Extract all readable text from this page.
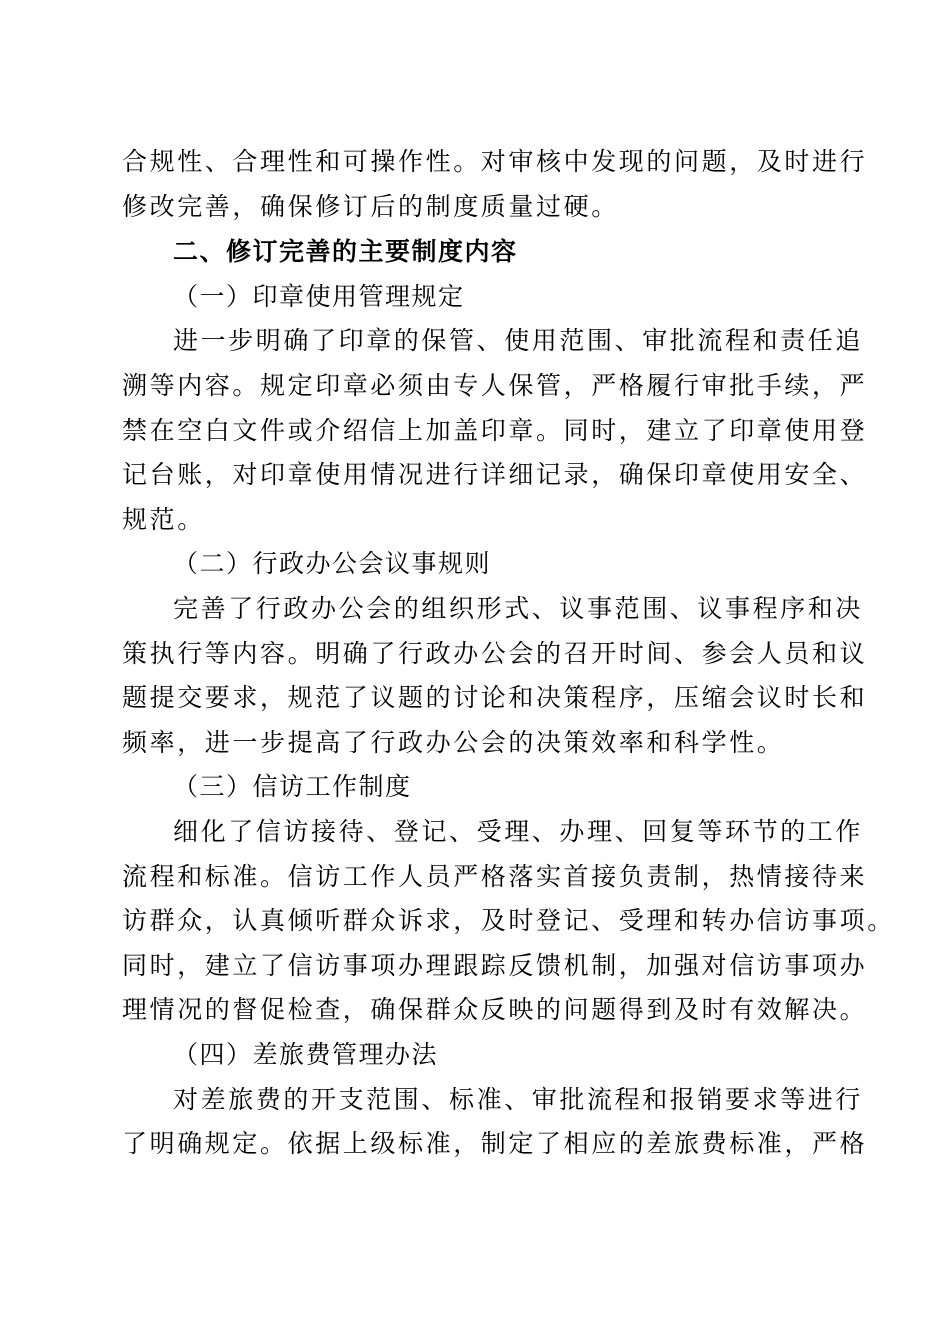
合规性、合理性和可操作性。对审核中发现的问题，及时进行
修改完善，确保修订后的制度质量过硬。
二、修订完善的主要制度内容
（一）印章使用管理规定
进一步明确了印章的保管、使用范围、审批流程和责任追
溯等内容。规定印章必须由专人保管，严格履行审批手续，严
禁在空白文件或介绍信上加盖印章。同时，建立了印章使用登
记台账，对印章使用情况进行详细记录，确保印章使用安全、
规范。
（二）行政办公会议事规则
完善了行政办公会的组织形式、议事范围、议事程序和决
策执行等内容。明确了行政办公会的召开时间、参会人员和议
题提交要求，规范了议题的讨论和决策程序，压缩会议时长和
频率，进一步提高了行政办公会的决策效率和科学性。
（三）信访工作制度
细化了信访接待、登记、受理、办理、回复等环节的工作
流程和标准。信访工作人员严格落实首接负责制，热情接待来
访群众，认真倾听群众诉求，及时登记、受理和转办信访事项。
同时，建立了信访事项办理跟踪反馈机制，加强对信访事项办
理情况的督促检查，确保群众反映的问题得到及时有效解决。
（四）差旅费管理办法
对差旅费的开支范围、标准、审批流程和报销要求等进行
了明确规定。依据上级标准，制定了相应的差旅费标准，严格
